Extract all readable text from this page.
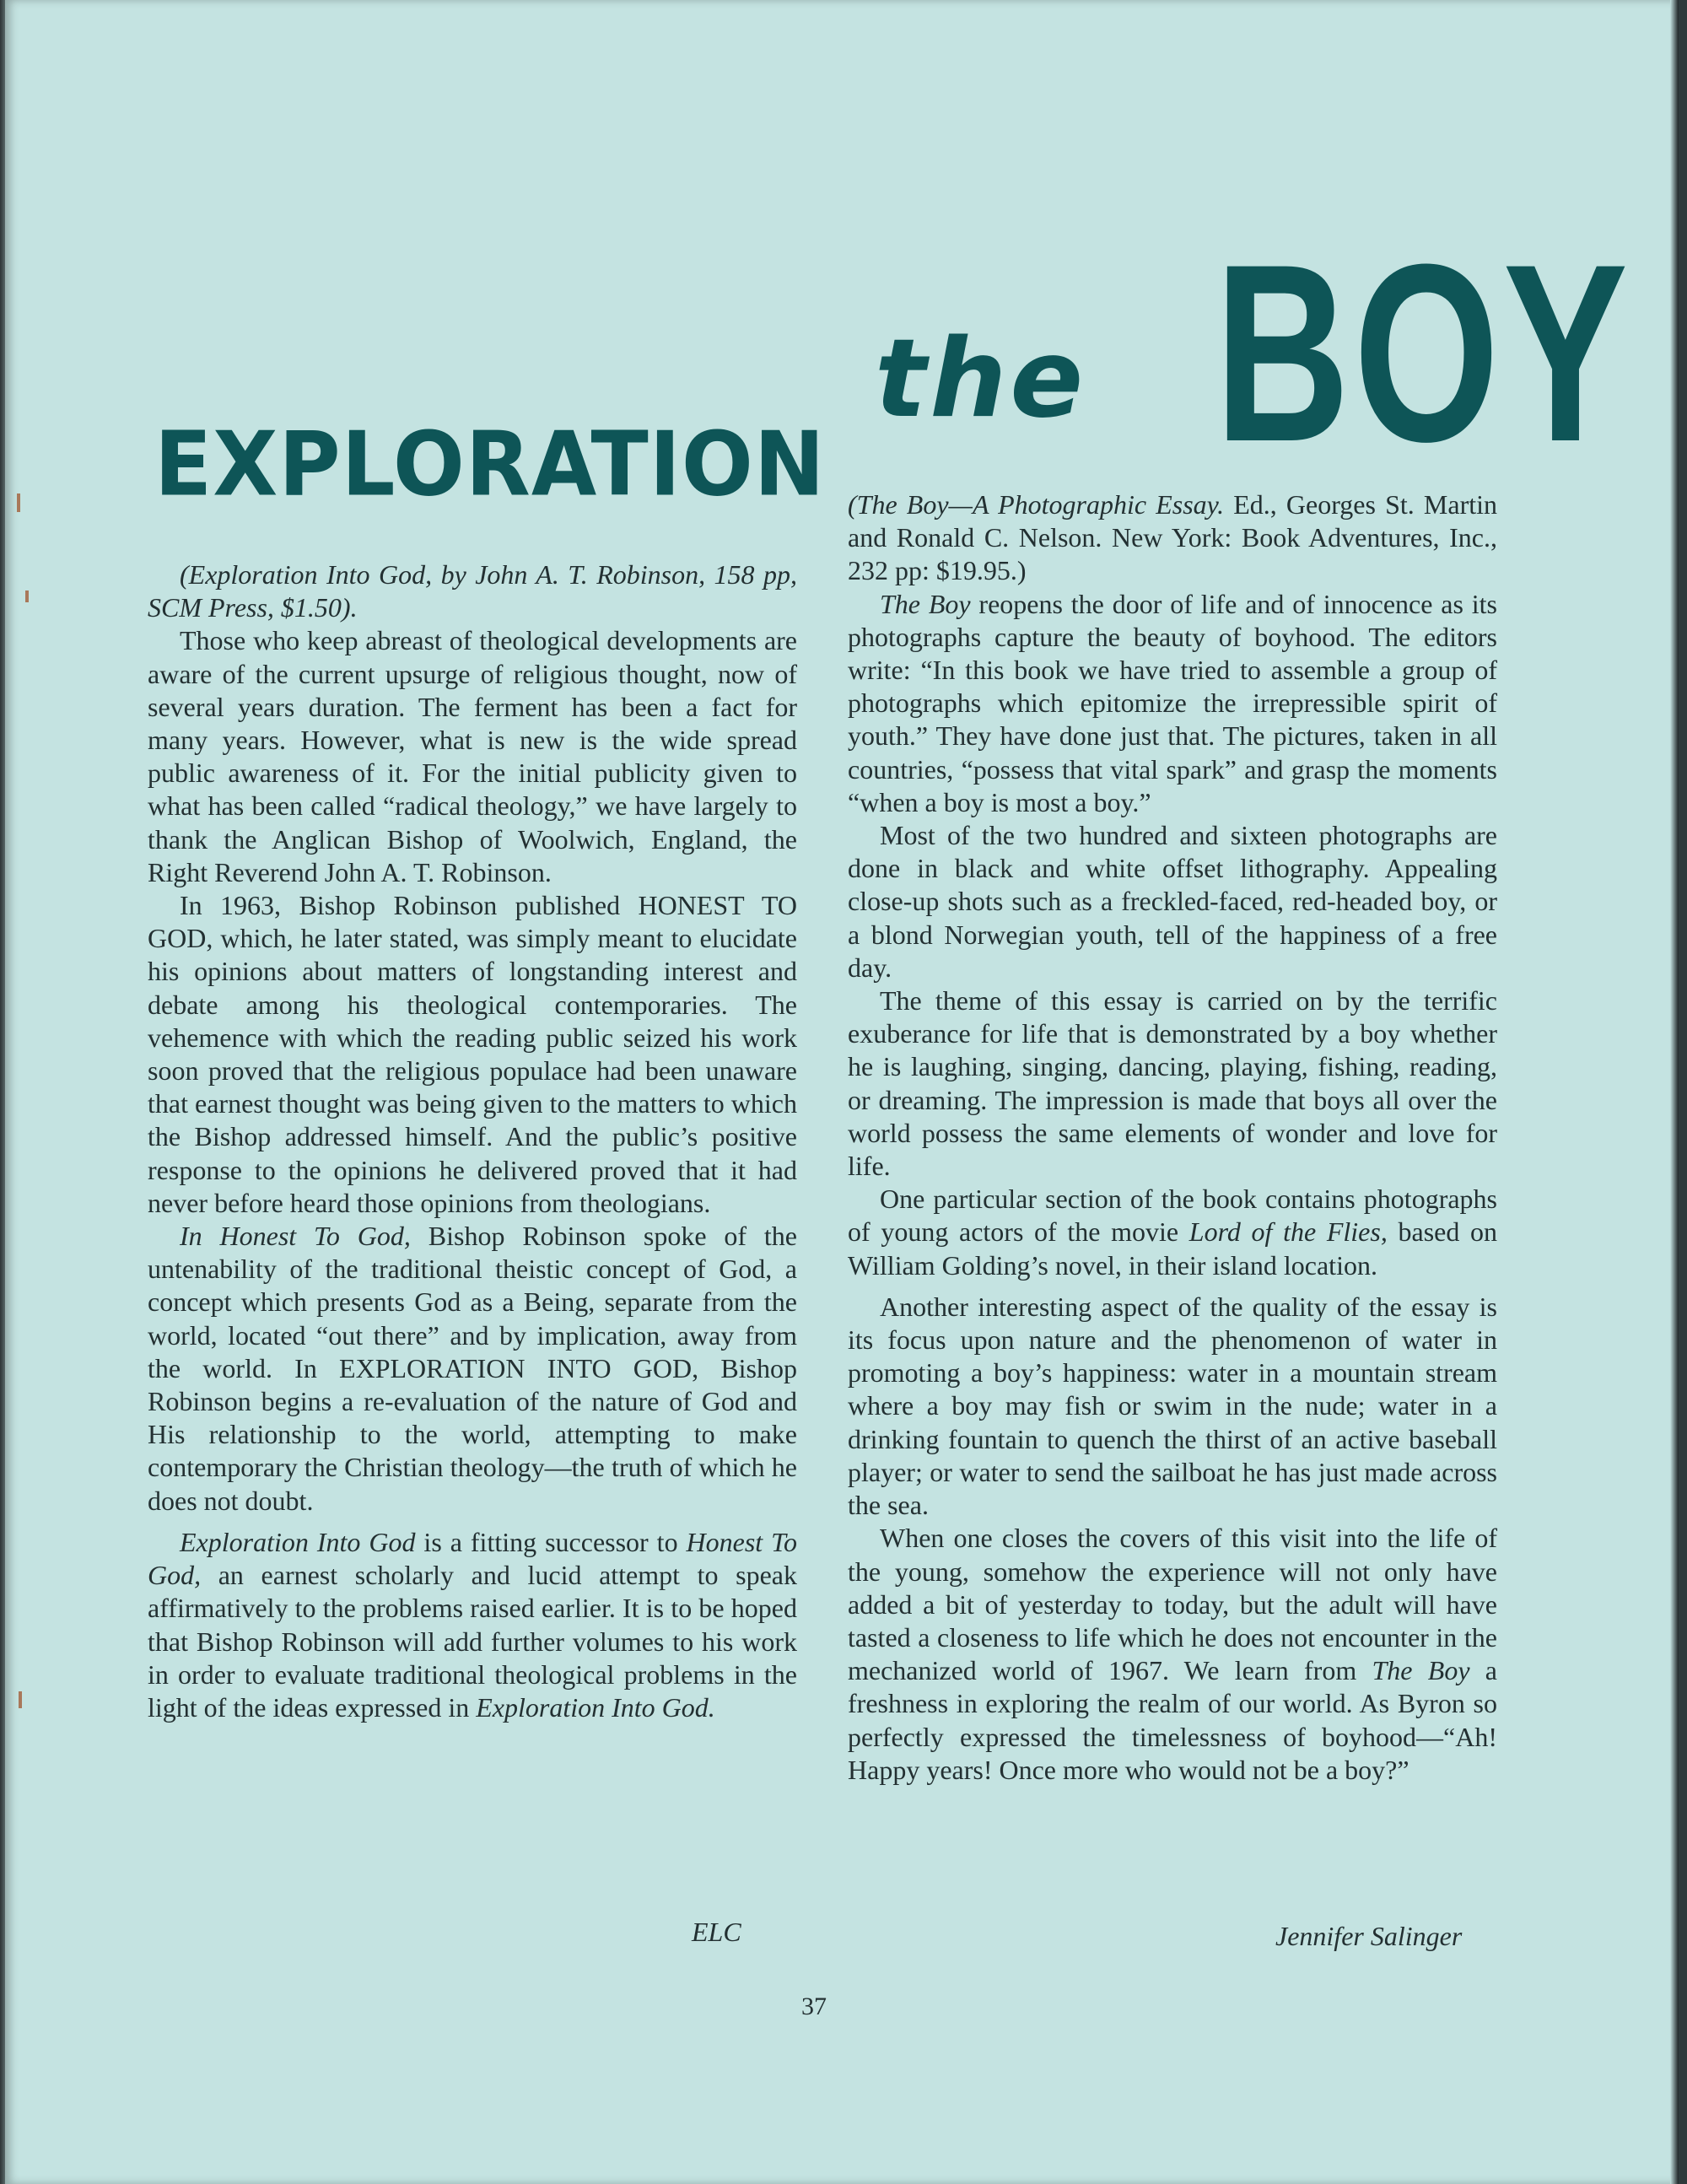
EXPLORATION

(Exploration Into God, by John A. T. Robinson, 158 pp, SCM Press, $1.50).

Those who keep abreast of theological developments are aware of the current upsurge of religious thought, now of several years duration. The ferment has been a fact for many years. However, what is new is the wide spread public awareness of it. For the initial publicity given to what has been called “radical theology,” we have largely to thank the Anglican Bishop of Woolwich, England, the Right Reverend John A. T. Robinson.

In 1963, Bishop Robinson published HONEST TO GOD, which, he later stated, was simply meant to elucidate his opinions about matters of longstanding interest and debate among his theological contemporaries. The vehemence with which the reading public seized his work soon proved that the religious populace had been unaware that earnest thought was being given to the matters to which the Bishop addressed himself. And the public’s positive response to the opinions he delivered proved that it had never before heard those opinions from theologians.

In Honest To God, Bishop Robinson spoke of the untenability of the traditional theistic concept of God, a concept which presents God as a Being, separate from the world, located “out there” and by implication, away from the world. In EXPLORATION INTO GOD, Bishop Robinson begins a re-evaluation of the nature of God and His relationship to the world, attempting to make contemporary the Christian theology—the truth of which he does not doubt.

Exploration Into God is a fitting successor to Honest To God, an earnest scholarly and lucid attempt to speak affirmatively to the problems raised earlier. It is to be hoped that Bishop Robinson will add further volumes to his work in order to evaluate traditional theological problems in the light of the ideas expressed in Exploration Into God.

ELC
the BOY

(The Boy—A Photographic Essay. Ed., Georges St. Martin and Ronald C. Nelson. New York: Book Adventures, Inc., 232 pp: $19.95.)

The Boy reopens the door of life and of innocence as its photographs capture the beauty of boyhood. The editors write: “In this book we have tried to assemble a group of photographs which epitomize the irrepressible spirit of youth.” They have done just that. The pictures, taken in all countries, “possess that vital spark” and grasp the moments “when a boy is most a boy.”

Most of the two hundred and sixteen photographs are done in black and white offset lithography. Appealing close-up shots such as a freckled-faced, red-headed boy, or a blond Norwegian youth, tell of the happiness of a free day.

The theme of this essay is carried on by the terrific exuberance for life that is demonstrated by a boy whether he is laughing, singing, dancing, playing, fishing, reading, or dreaming. The impression is made that boys all over the world possess the same elements of wonder and love for life.

One particular section of the book contains photographs of young actors of the movie Lord of the Flies, based on William Golding’s novel, in their island location.

Another interesting aspect of the quality of the essay is its focus upon nature and the phenomenon of water in promoting a boy’s happiness: water in a mountain stream where a boy may fish or swim in the nude; water in a drinking fountain to quench the thirst of an active baseball player; or water to send the sailboat he has just made across the sea.

When one closes the covers of this visit into the life of the young, somehow the experience will not only have added a bit of yesterday to today, but the adult will have tasted a closeness to life which he does not encounter in the mechanized world of 1967. We learn from The Boy a freshness in exploring the realm of our world. As Byron so perfectly expressed the timelessness of boyhood—“Ah! Happy years! Once more who would not be a boy?”

Jennifer Salinger
37
